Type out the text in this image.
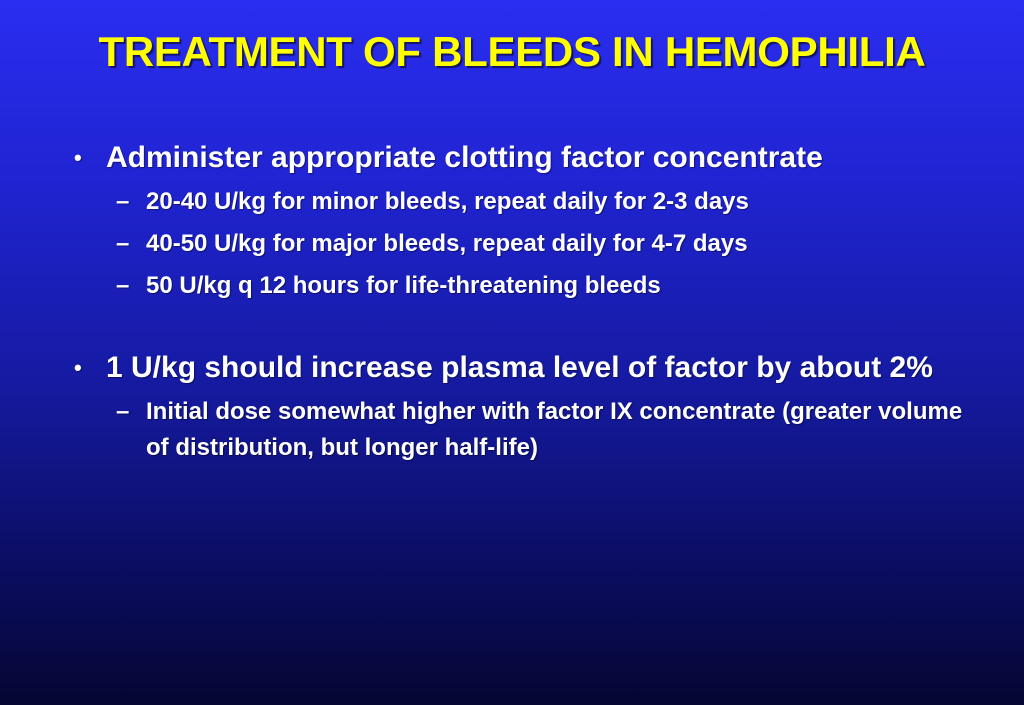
TREATMENT OF BLEEDS IN HEMOPHILIA
• Administer appropriate clotting factor concentrate
– 20-40 U/kg for minor bleeds, repeat daily for 2-3 days
– 40-50 U/kg for major bleeds, repeat daily for 4-7 days
– 50 U/kg q 12 hours for life-threatening bleeds
• 1 U/kg should increase plasma level of factor by about 2%
– Initial dose somewhat higher with factor IX concentrate (greater volume of distribution, but longer half-life)
